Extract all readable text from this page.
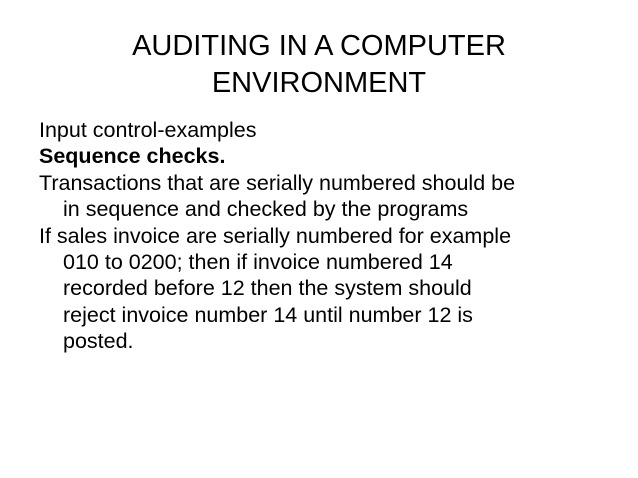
AUDITING IN A COMPUTER
ENVIRONMENT

Input control-examples

Sequence checks.

Transactions that are serially numbered should be
in sequence and checked by the programs

If sales invoice are serially numbered for example
010 to 0200; then if invoice numbered 14
recorded before 12 then the system should
reject invoice number 14 until number 12 is
posted.
